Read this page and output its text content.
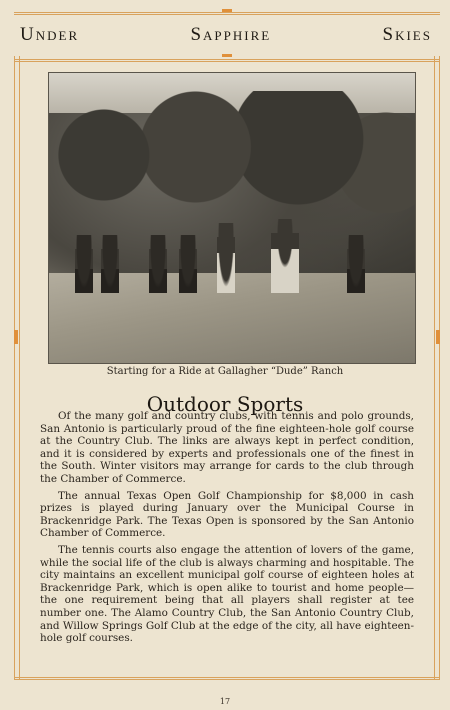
Under	Sapphire	Skies
Starting for a Ride at Gallagher “Dude” Ranch
Outdoor Sports

Of the many golf and country clubs, with tennis and polo grounds, San Antonio is particularly proud of the fine eighteen-hole golf course at the Country Club. The links are always kept in perfect condition, and it is considered by experts and professionals one of the finest in the South. Winter visitors may arrange for cards to the club through the Chamber of Commerce.

The annual Texas Open Golf Championship for $8,000 in cash prizes is played during January over the Municipal Course in Brackenridge Park. The Texas Open is sponsored by the San Antonio Chamber of Commerce.

The tennis courts also engage the attention of lovers of the game, while the social life of the club is always charming and hospitable. The city maintains an excellent municipal golf course of eighteen holes at Brackenridge Park, which is open alike to tourist and home people—the one requirement being that all players shall register at tee number one. The Alamo Country Club, the San Antonio Country Club, and Willow Springs Golf Club at the edge of the city, all have eighteen-hole golf courses.

17
